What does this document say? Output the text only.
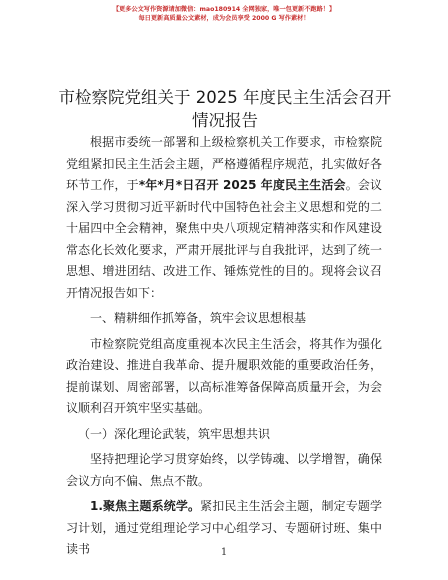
【更多公文写作资源请加微信：mao180914 全网独家，唯一包更新不跑路！】
每日更新高质量公文素材，成为会员享受 2000 G 写作素材！
市检察院党组关于 2025 年度民主生活会召开情况报告

根据市委统一部署和上级检察机关工作要求，市检察院党组紧扣民主生活会主题，严格遵循程序规范，扎实做好各环节工作，于*年*月*日召开 2025 年度民主生活会。会议深入学习贯彻习近平新时代中国特色社会主义思想和党的二十届四中全会精神，聚焦中央八项规定精神落实和作风建设常态化长效化要求，严肃开展批评与自我批评，达到了统一思想、增进团结、改进工作、锤炼党性的目的。现将会议召开情况报告如下：

一、精耕细作抓筹备，筑牢会议思想根基

市检察院党组高度重视本次民主生活会，将其作为强化政治建设、推进自我革命、提升履职效能的重要政治任务，提前谋划、周密部署，以高标准筹备保障高质量开会，为会议顺利召开筑牢坚实基础。

（一）深化理论武装，筑牢思想共识

坚持把理论学习贯穿始终，以学铸魂、以学增智，确保会议方向不偏、焦点不散。

1.聚焦主题系统学。紧扣民主生活会主题，制定专题学习计划，通过党组理论学习中心组学习、专题研讨班、集中读书	1
